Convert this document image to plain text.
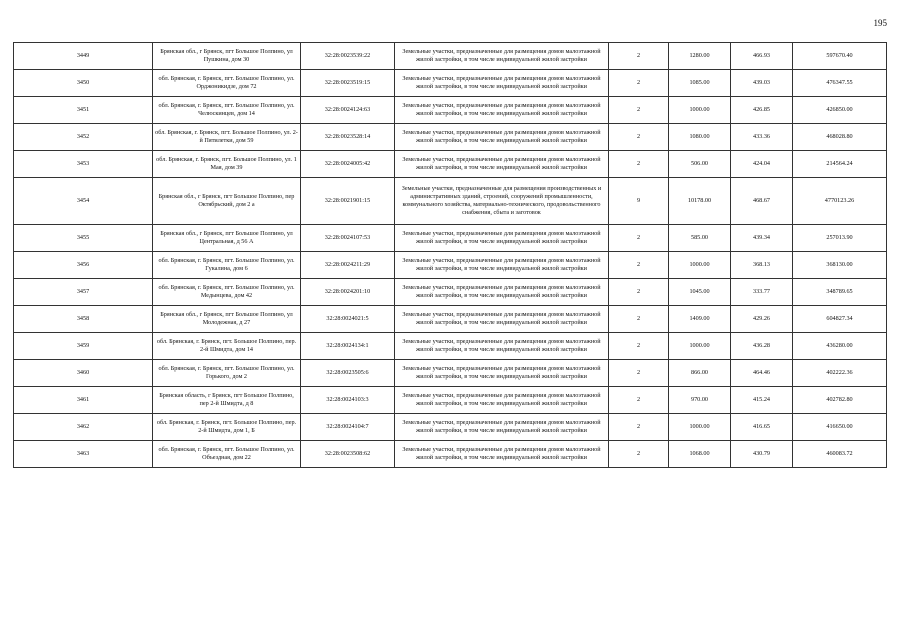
195
3449	Брянская обл., г Брянск, пгт Большое Полпино, ул Пушкина, дом 30	32:28:0023539:22	Земельные участки, предназначенные для размещения домов малоэтажной жилой застройки, в том числе индивидуальной жилой застройки	2	1280.00	466.93	597670.40
3450	обл. Брянская, г. Брянск, пгт. Большое Полпино, ул. Орджоникидзе, дом 72	32:28:0023519:15	Земельные участки, предназначенные для размещения домов малоэтажной жилой застройки, в том числе индивидуальной жилой застройки	2	1085.00	439.03	476347.55
3451	обл. Брянская, г. Брянск, пгт. Большое Полпино, ул. Челюскинцев, дом 14	32:28:0024124:63	Земельные участки, предназначенные для размещения домов малоэтажной жилой застройки, в том числе индивидуальной жилой застройки	2	1000.00	426.85	426850.00
3452	обл. Брянская, г. Брянск, пгт. Большое Полпино, ул. 2-й Пятилетки, дом 59	32:28:0023528:14	Земельные участки, предназначенные для размещения домов малоэтажной жилой застройки, в том числе индивидуальной жилой застройки	2	1080.00	433.36	468028.80
3453	обл. Брянская, г. Брянск, пгт. Большое Полпино, ул. 1 Мая, дом 39	32:28:0024005:42	Земельные участки, предназначенные для размещения домов малоэтажной жилой застройки, в том числе индивидуальной жилой застройки	2	506.00	424.04	214564.24
3454	Брянская обл., г Брянск, пгт Большое Полпино, пер Октябрьский, дом 2 а	32:28:0021901:15	Земельные участки, предназначенные для размещения производственных и административных зданий, строений, сооружений промышленности, коммунального хозяйства, материально-технического, продовольственного снабжения, сбыта и заготовок	9	10178.00	468.67	4770123.26
3455	Брянская обл., г Брянск, пгт Большое Полпино, ул Центральная, д 56 А	32:28:0024107:53	Земельные участки, предназначенные для размещения домов малоэтажной жилой застройки, в том числе индивидуальной жилой застройки	2	585.00	439.34	257013.90
3456	обл. Брянская, г. Брянск, пгт. Большое Полпино, ул. Гукалина, дом 6	32:28:0024211:29	Земельные участки, предназначенные для размещения домов малоэтажной жилой застройки, в том числе индивидуальной жилой застройки	2	1000.00	368.13	368130.00
3457	обл. Брянская, г. Брянск, пгт. Большое Полпино, ул. Медынцева, дом 42	32:28:0024201:10	Земельные участки, предназначенные для размещения домов малоэтажной жилой застройки, в том числе индивидуальной жилой застройки	2	1045.00	333.77	348789.65
3458	Брянская обл., г Брянск, пгт Большое Полпино, ул Молодежная, д 27	32:28:0024021:5	Земельные участки, предназначенные для размещения домов малоэтажной жилой застройки, в том числе индивидуальной жилой застройки	2	1409.00	429.26	604827.34
3459	обл. Брянская, г. Брянск, пгт. Большое Полпино, пер. 2-й Шмидта, дом 14	32:28:0024134:1	Земельные участки, предназначенные для размещения домов малоэтажной жилой застройки, в том числе индивидуальной жилой застройки	2	1000.00	436.28	436280.00
3460	обл. Брянская, г. Брянск, пгт. Большое Полпино, ул. Горького, дом 2	32:28:0023505:6	Земельные участки, предназначенные для размещения домов малоэтажной жилой застройки, в том числе индивидуальной жилой застройки	2	866.00	464.46	402222.36
3461	Брянская область, г Брянск, пгт Большое Полпино, пер 2-й Шмидта, д 8	32:28:0024103:3	Земельные участки, предназначенные для размещения домов малоэтажной жилой застройки, в том числе индивидуальной жилой застройки	2	970.00	415.24	402782.80
3462	обл. Брянская, г. Брянск, пгт. Большое Полпино, пер. 2-й Шмидта, дом 1, Б	32:28:0024104:7	Земельные участки, предназначенные для размещения домов малоэтажной жилой застройки, в том числе индивидуальной жилой застройки	2	1000.00	416.65	416650.00
3463	обл. Брянская, г. Брянск, пгт. Большое Полпино, ул. Объездная, дом 22	32:28:0023508:62	Земельные участки, предназначенные для размещения домов малоэтажной жилой застройки, в том числе индивидуальной жилой застройки	2	1068.00	430.79	460083.72
